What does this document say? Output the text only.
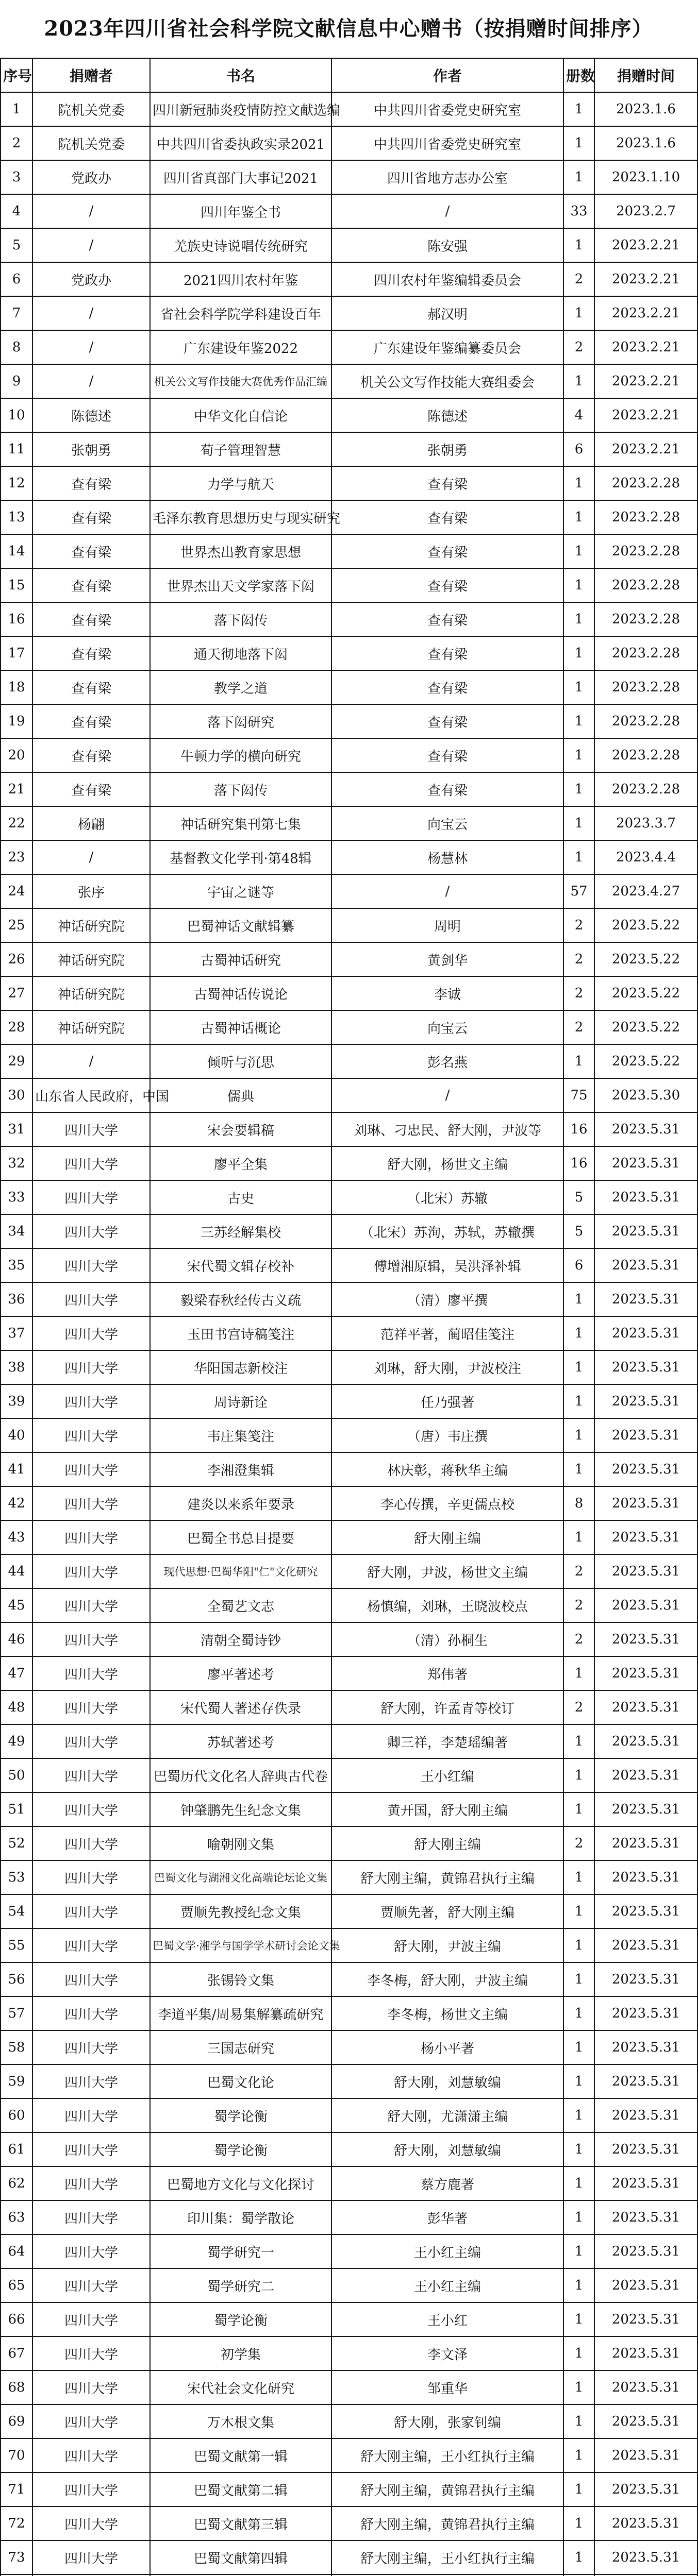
2023年四川省社会科学院文献信息中心赠书（按捐赠时间排序）
序号	捐赠者	书名	作者	册数	捐赠时间
1	院机关党委	四川新冠肺炎疫情防控文献选编	中共四川省委党史研究室	1	2023.1.6
2	院机关党委	中共四川省委执政实录2021	中共四川省委党史研究室	1	2023.1.6
3	党政办	四川省真部门大事记2021	四川省地方志办公室	1	2023.1.10
4	/	四川年鉴全书	/	33	2023.2.7
5	/	羌族史诗说唱传统研究	陈安强	1	2023.2.21
6	党政办	2021四川农村年鉴	四川农村年鉴编辑委员会	2	2023.2.21
7	/	省社会科学院学科建设百年	郝汉明	1	2023.2.21
8	/	广东建设年鉴2022	广东建设年鉴编纂委员会	2	2023.2.21
9	/	机关公文写作技能大赛优秀作品汇编	机关公文写作技能大赛组委会	1	2023.2.21
10	陈德述	中华文化自信论	陈德述	4	2023.2.21
11	张朝勇	荀子管理智慧	张朝勇	6	2023.2.21
12	查有梁	力学与航天	查有梁	1	2023.2.28
13	查有梁	毛泽东教育思想历史与现实研究	查有梁	1	2023.2.28
14	查有梁	世界杰出教育家思想	查有梁	1	2023.2.28
15	查有梁	世界杰出天文学家落下闳	查有梁	1	2023.2.28
16	查有梁	落下闳传	查有梁	1	2023.2.28
17	查有梁	通天彻地落下闳	查有梁	1	2023.2.28
18	查有梁	教学之道	查有梁	1	2023.2.28
19	查有梁	落下闳研究	查有梁	1	2023.2.28
20	查有梁	牛顿力学的横向研究	查有梁	1	2023.2.28
21	查有梁	落下闳传	查有梁	1	2023.2.28
22	杨翩	神话研究集刊第七集	向宝云	1	2023.3.7
23	/	基督教文化学刊·第48辑	杨慧林	1	2023.4.4
24	张序	宇宙之谜等	/	57	2023.4.27
25	神话研究院	巴蜀神话文献辑纂	周明	2	2023.5.22
26	神话研究院	古蜀神话研究	黄剑华	2	2023.5.22
27	神话研究院	古蜀神话传说论	李诚	2	2023.5.22
28	神话研究院	古蜀神话概论	向宝云	2	2023.5.22
29	/	倾听与沉思	彭名燕	1	2023.5.22
30	山东省人民政府，中国	儒典	/	75	2023.5.30
31	四川大学	宋会要辑稿	刘琳、刁忠民、舒大刚，尹波等	16	2023.5.31
32	四川大学	廖平全集	舒大刚，杨世文主编	16	2023.5.31
33	四川大学	古史	（北宋）苏辙	5	2023.5.31
34	四川大学	三苏经解集校	（北宋）苏洵，苏轼，苏辙撰	5	2023.5.31
35	四川大学	宋代蜀文辑存校补	傅增湘原辑，吴洪泽补辑	6	2023.5.31
36	四川大学	毅梁春秋经传古义疏	（清）廖平撰	1	2023.5.31
37	四川大学	玉田书宫诗稿笺注	范祥平著，蔺昭佳笺注	1	2023.5.31
38	四川大学	华阳国志新校注	刘琳，舒大刚，尹波校注	1	2023.5.31
39	四川大学	周诗新诠	任乃强著	1	2023.5.31
40	四川大学	韦庄集笺注	（唐）韦庄撰	1	2023.5.31
41	四川大学	李湘澄集辑	林庆彰，蒋秋华主编	1	2023.5.31
42	四川大学	建炎以来系年要录	李心传撰，辛更儒点校	8	2023.5.31
43	四川大学	巴蜀全书总目提要	舒大刚主编	1	2023.5.31
44	四川大学	现代思想·巴蜀华阳"仁"文化研究	舒大刚，尹波，杨世文主编	2	2023.5.31
45	四川大学	全蜀艺文志	杨慎编，刘琳，王晓波校点	2	2023.5.31
46	四川大学	清朝全蜀诗钞	（清）孙桐生	2	2023.5.31
47	四川大学	廖平著述考	郑伟著	1	2023.5.31
48	四川大学	宋代蜀人著述存佚录	舒大刚，许孟青等校订	2	2023.5.31
49	四川大学	苏轼著述考	卿三祥，李楚瑶编著	1	2023.5.31
50	四川大学	巴蜀历代文化名人辞典古代卷	王小红编	1	2023.5.31
51	四川大学	钟肇鹏先生纪念文集	黄开国，舒大刚主编	1	2023.5.31
52	四川大学	喻朝刚文集	舒大刚主编	2	2023.5.31
53	四川大学	巴蜀文化与湖湘文化高端论坛论文集	舒大刚主编，黄锦君执行主编	1	2023.5.31
54	四川大学	贾顺先教授纪念文集	贾顺先著，舒大刚主编	1	2023.5.31
55	四川大学	巴蜀文学·湘学与国学学术研讨会论文集	舒大刚，尹波主编	1	2023.5.31
56	四川大学	张锡铃文集	李冬梅，舒大刚，尹波主编	1	2023.5.31
57	四川大学	李道平集/周易集解纂疏研究	李冬梅，杨世文主编	1	2023.5.31
58	四川大学	三国志研究	杨小平著	1	2023.5.31
59	四川大学	巴蜀文化论	舒大刚，刘慧敏编	1	2023.5.31
60	四川大学	蜀学论衡	舒大刚，尤潇潇主编	1	2023.5.31
61	四川大学	蜀学论衡	舒大刚，刘慧敏编	1	2023.5.31
62	四川大学	巴蜀地方文化与文化探讨	蔡方鹿著	1	2023.5.31
63	四川大学	印川集：蜀学散论	彭华著	1	2023.5.31
64	四川大学	蜀学研究一	王小红主编	1	2023.5.31
65	四川大学	蜀学研究二	王小红主编	1	2023.5.31
66	四川大学	蜀学论衡	王小红	1	2023.5.31
67	四川大学	初学集	李文泽	1	2023.5.31
68	四川大学	宋代社会文化研究	邹重华	1	2023.5.31
69	四川大学	万木根文集	舒大刚，张家钊编	1	2023.5.31
70	四川大学	巴蜀文献第一辑	舒大刚主编，王小红执行主编	1	2023.5.31
71	四川大学	巴蜀文献第二辑	舒大刚主编，黄锦君执行主编	1	2023.5.31
72	四川大学	巴蜀文献第三辑	舒大刚主编，黄锦君执行主编	1	2023.5.31
73	四川大学	巴蜀文献第四辑	舒大刚主编，王小红执行主编	1	2023.5.31
